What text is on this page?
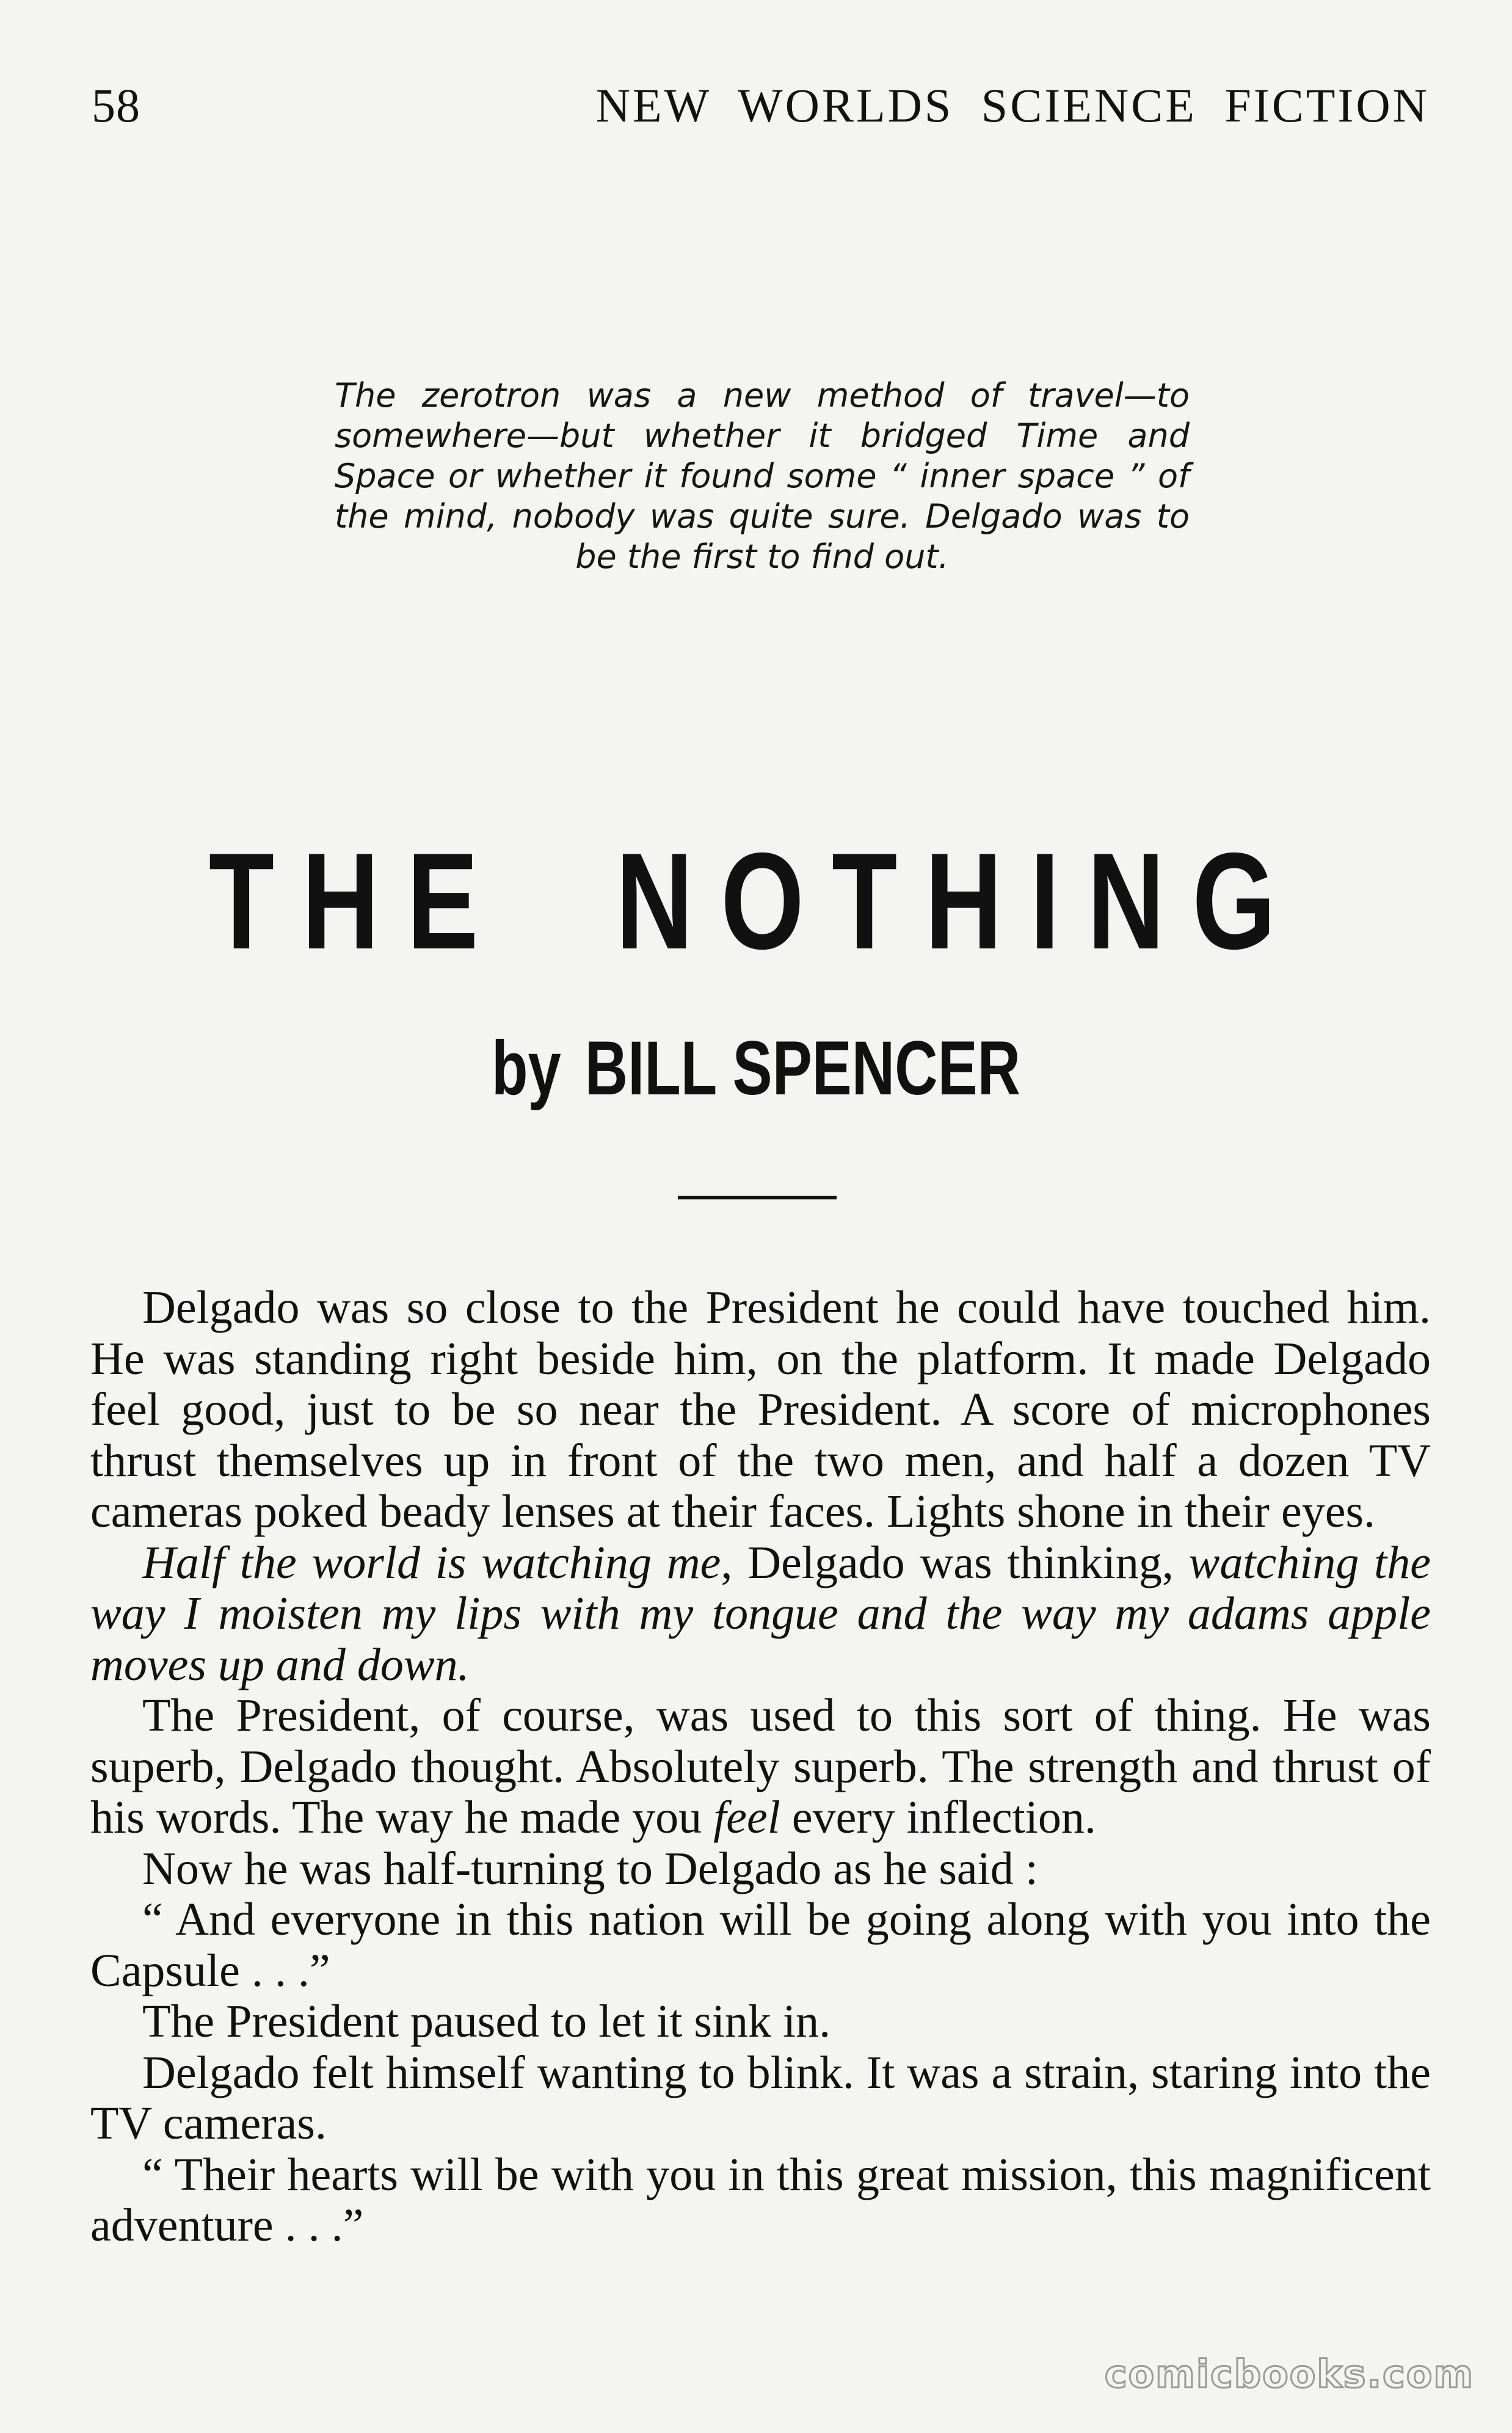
58	NEW WORLDS SCIENCE FICTION
The zerotron was a new method of travel—to somewhere—but whether it bridged Time and Space or whether it found some “ inner space ” of the mind, nobody was quite sure. Delgado was to be the first to find out.
THE NOTHING
by BILL SPENCER

Delgado was so close to the President he could have touched him. He was standing right beside him, on the platform. It made Delgado feel good, just to be so near the President. A score of microphones thrust themselves up in front of the two men, and half a dozen TV cameras poked beady lenses at their faces. Lights shone in their eyes.

Half the world is watching me, Delgado was thinking, watching the way I moisten my lips with my tongue and the way my adams apple moves up and down.

The President, of course, was used to this sort of thing. He was superb, Delgado thought. Absolutely superb. The strength and thrust of his words. The way he made you feel every inflection.

Now he was half-turning to Delgado as he said :

“ And everyone in this nation will be going along with you into the Capsule . . .”

The President paused to let it sink in.

Delgado felt himself wanting to blink. It was a strain, staring into the TV cameras.

“ Their hearts will be with you in this great mission, this magnificent adventure . . .”

comicbooks.com
